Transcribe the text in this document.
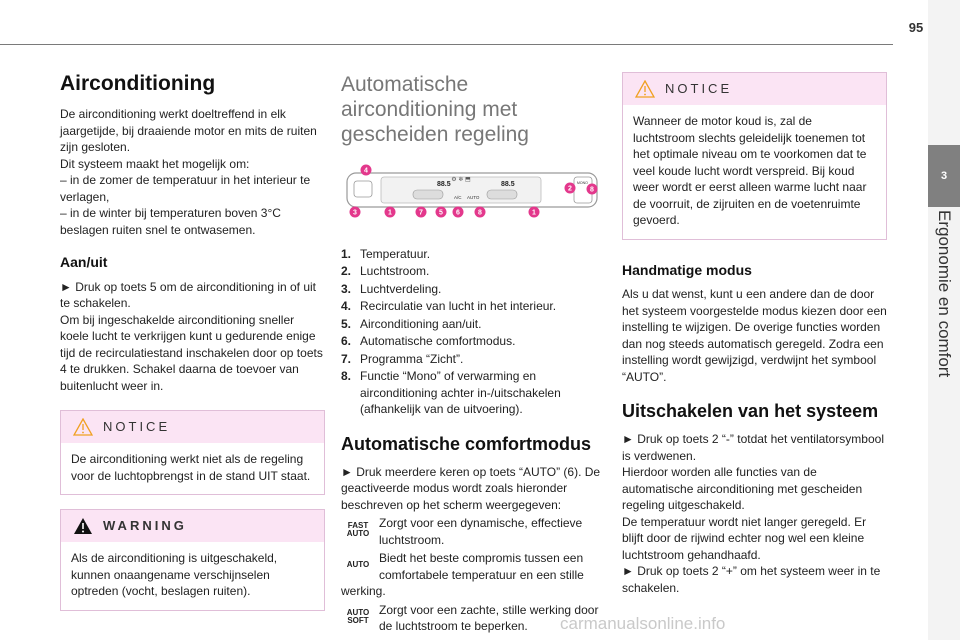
95
3
Ergonomie en comfort
Airconditioning

De airconditioning werkt doeltreffend in elk jaargetijde, bij draaiende motor en mits de ruiten zijn gesloten.

Dit systeem maakt het mogelijk om:

– in de zomer de temperatuur in het interieur te verlagen,

– in de winter bij temperaturen boven 3°C beslagen ruiten snel te ontwasemen.

Aan/uit

► Druk op toets 5 om de airconditioning in of uit te schakelen.

Om bij ingeschakelde airconditioning sneller koele lucht te verkrijgen kunt u gedurende enige tijd de recirculatiestand inschakelen door op toets 4 te drukken. Schakel daarna de toevoer van buitenlucht weer in.

NOTICE
De airconditioning werkt niet als de regeling voor de luchtopbrengst in de stand UIT staat.
WARNING
Als de airconditioning is uitgeschakeld, kunnen onaangename verschijnselen optreden (vocht, beslagen ruiten).
Automatische airconditioning met gescheiden regeling
⚙ ❄ ⬒
88.5	88.5
A/C AUTO
MONO
4
3	1	7 5 6	8	1
2	8
1. Temperatuur.
2. Luchtstroom.
3. Luchtverdeling.
4. Recirculatie van lucht in het interieur.
5. Airconditioning aan/uit.
6. Automatische comfortmodus.
7. Programma “Zicht”.
8. Functie “Mono” of verwarming en airconditioning achter in-/uitschakelen (afhankelijk van de uitvoering).
Automatische comfortmodus

► Druk meerdere keren op toets “AUTO” (6). De geactiveerde modus wordt zoals hieronder beschreven op het scherm weergegeven:

FAST
AUTO
Zorgt voor een dynamische, effectieve luchtstroom.
AUTO Biedt het beste compromis tussen een comfortabele temperatuur en een stille werking.
AUTO
SOFT
Zorgt voor een zachte, stille werking door de luchtstroom te beperken.
NOTICE
Wanneer de motor koud is, zal de luchtstroom slechts geleidelijk toenemen tot het optimale niveau om te voorkomen dat te veel koude lucht wordt verspreid. Bij koud weer wordt er eerst alleen warme lucht naar de voorruit, de zijruiten en de voetenruimte gevoerd.
Handmatige modus

Als u dat wenst, kunt u een andere dan de door het systeem voorgestelde modus kiezen door een instelling te wijzigen. De overige functies worden dan nog steeds automatisch geregeld. Zodra een instelling wordt gewijzigd, verdwijnt het symbool “AUTO”.

Uitschakelen van het systeem

► Druk op toets 2 “-” totdat het ventilatorsymbool is verdwenen.

Hierdoor worden alle functies van de automatische airconditioning met gescheiden regeling uitgeschakeld.

De temperatuur wordt niet langer geregeld. Er blijft door de rijwind echter nog wel een kleine luchtstroom gehandhaafd.

► Druk op toets 2 “+” om het systeem weer in te schakelen.

carmanualsonline.info
